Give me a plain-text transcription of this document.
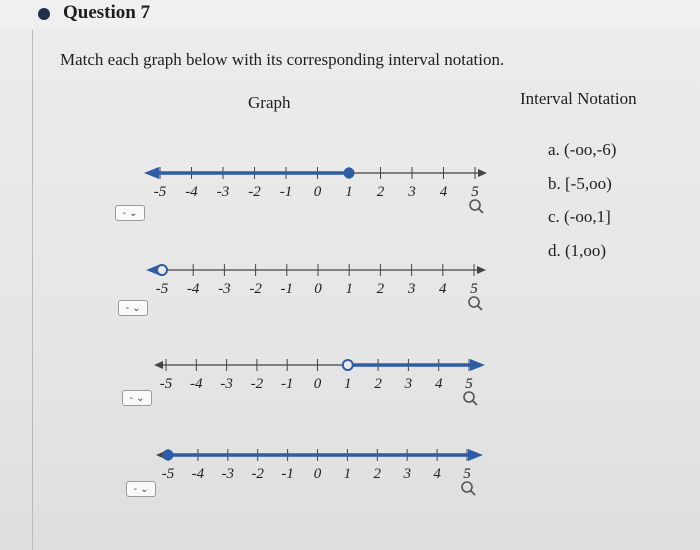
Question 7
Match each graph below with its corresponding interval notation.
Graph	Interval Notation
a. (-oo,-6)
b. [-5,oo)
c. (-oo,1]
d. (1,oo)
-5 -4 -3 -2 -1 0 1 2 3 4 5
-5 -4 -3 -2 -1 0 1 2 3 4 5
-5 -4 -3 -2 -1 0 1 2 3 4 5
-5 -4 -3 -2 -1 0 1 2 3 4 5
- ⌄
- ⌄
- ⌄
- ⌄
